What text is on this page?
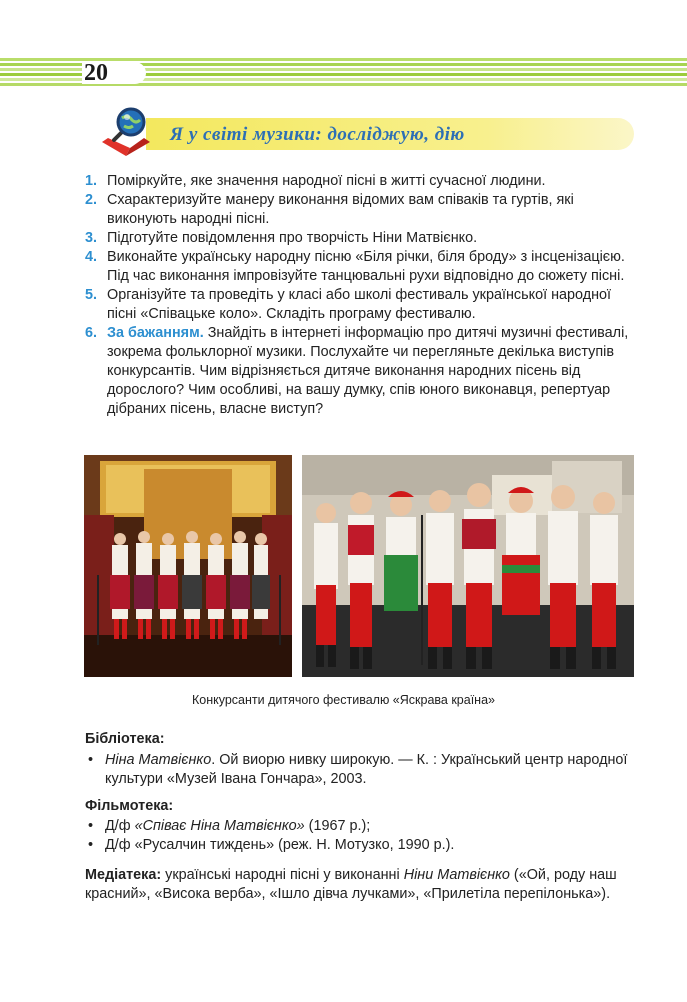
20
Я у світі музики: досліджую, дію

1. Поміркуйте, яке значення народної пісні в житті сучасної людини.

2. Схарактеризуйте манеру виконання відомих вам співаків та гуртів, які виконують народні пісні.

3. Підготуйте повідомлення про творчість Ніни Матвієнко.

4. Виконайте українську народну пісню «Біля річки, біля броду» з інсценізацією. Під час виконання імпровізуйте танцювальні рухи відповідно до сюжету пісні.

5. Організуйте та проведіть у класі або школі фестиваль української народної пісні «Співацьке коло». Складіть програму фестивалю.

6. За бажанням. Знайдіть в інтернеті інформацію про дитячі музичні фестивалі, зокрема фольклорної музики. Послухайте чи перегляньте декілька виступів конкурсантів. Чим відрізняється дитяче виконання народних пісень від дорослого? Чим особливі, на вашу думку, спів юного виконавця, репертуар дібраних пісень, власне виступ?

Конкурсанти дитячого фестивалю «Яскрава країна»
Бібліотека:
• Ніна Матвієнко. Ой виорю нивку широкую. — К. : Український центр народної культури «Музей Івана Гончара», 2003.
Фільмотека:
• Д/ф «Співає Ніна Матвієнко» (1967 р.);
• Д/ф «Русалчин тиждень» (реж. Н. Мотузко, 1990 р.).
Медіатека: українські народні пісні у виконанні Ніни Матвієнко («Ой, роду наш красний», «Висока верба», «Ішло дівча лучками», «Прилетіла перепілонька»).
